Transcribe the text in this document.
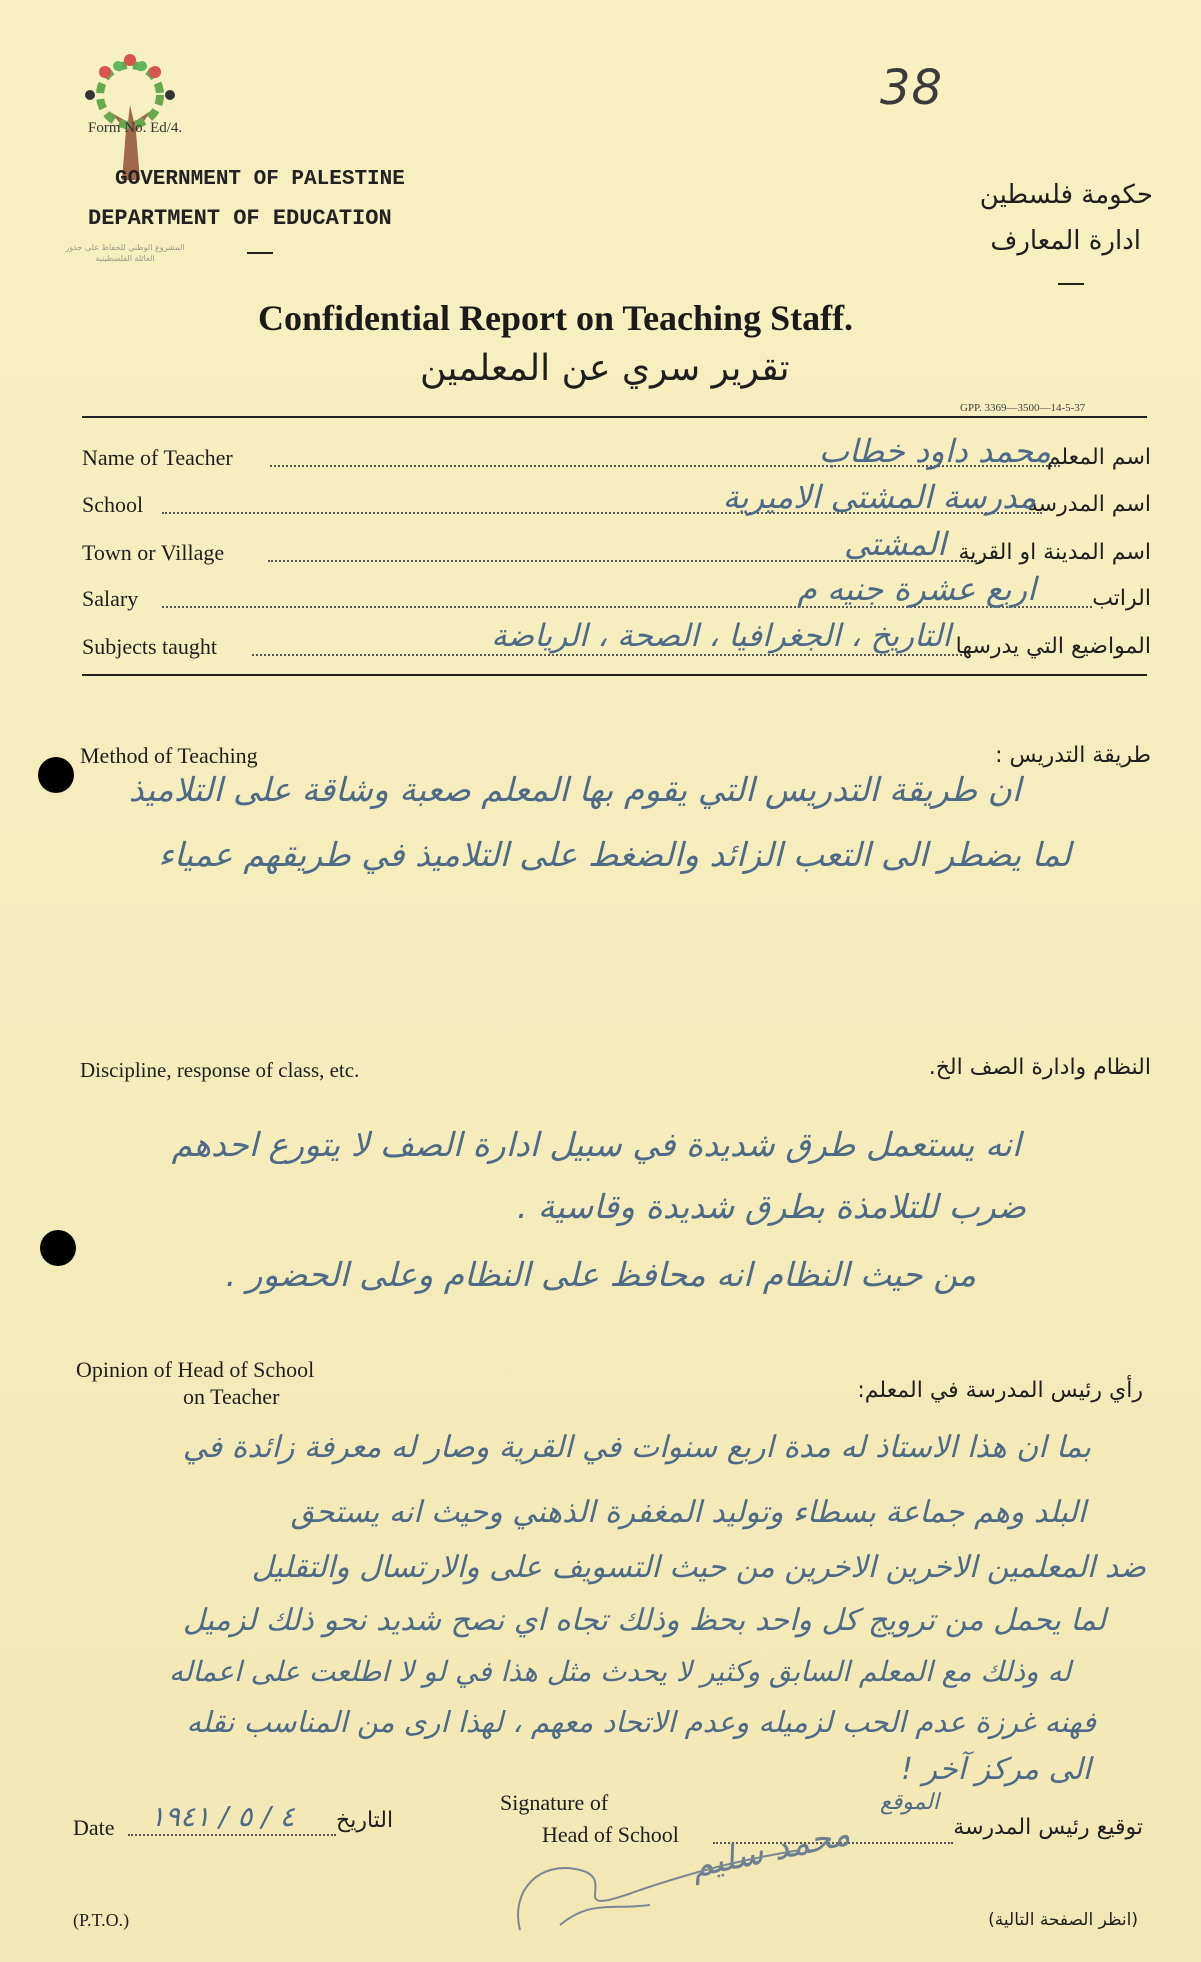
38
المشروع الوطني للحفاظ على جذور العائلة الفلسطينية
Form No. Ed/4.
GOVERNMENT OF PALESTINE
DEPARTMENT OF EDUCATION
حكومة فلسطين
ادارة المعارف
Confidential Report on Teaching Staff.
تقرير سري عن المعلمين
GPP. 3369—3500—14-5-37
Name of Teacher	اسم المعلم
محمد داود خطاب
School	اسم المدرسة
مدرسة المشتى الاميرية
Town or Village	اسم المدينة او القرية
المشتى
Salary	الراتب
اربع عشرة جنيه م
Subjects taught	المواضيع التي يدرسها
التاريخ ، الجغرافيا ، الصحة ، الرياضة
Method of Teaching	طريقة التدريس :
ان طريقة التدريس التي يقوم بها المعلم صعبة وشاقة على التلاميذ
لما يضطر الى التعب الزائد والضغط على التلاميذ في طريقهم عمياء
Discipline, response of class, etc.	النظام وادارة الصف الخ.
انه يستعمل طرق شديدة في سبيل ادارة الصف لا يتورع احدهم
ضرب للتلامذة بطرق شديدة وقاسية .
من حيث النظام انه محافظ على النظام وعلى الحضور .
Opinion of Head of School
on Teacher	رأي رئيس المدرسة في المعلم:
بما ان هذا الاستاذ له مدة اربع سنوات في القرية وصار له معرفة زائدة في
البلد وهم جماعة بسطاء وتوليد المغفرة الذهني وحيث انه يستحق
ضد المعلمين الاخرين الاخرين من حيث التسويف على والارتسال والتقليل
لما يحمل من ترويج كل واحد بحظ وذلك تجاه اي نصح شديد نحو ذلك لزميل
له وذلك مع المعلم السابق وكثير لا يحدث مثل هذا في لو لا اطلعت على اعماله
فهنه غرزة عدم الحب لزميله وعدم الاتحاد معهم ، لهذا ارى من المناسب نقله
الى مركز آخر !
Date ٤ / ٥ / ١٩٤١ التاريخ
Signature of
Head of School	توقيع رئيس المدرسة
الموقع
محمد سليم
(P.T.O.)	(انظر الصفحة التالية)
